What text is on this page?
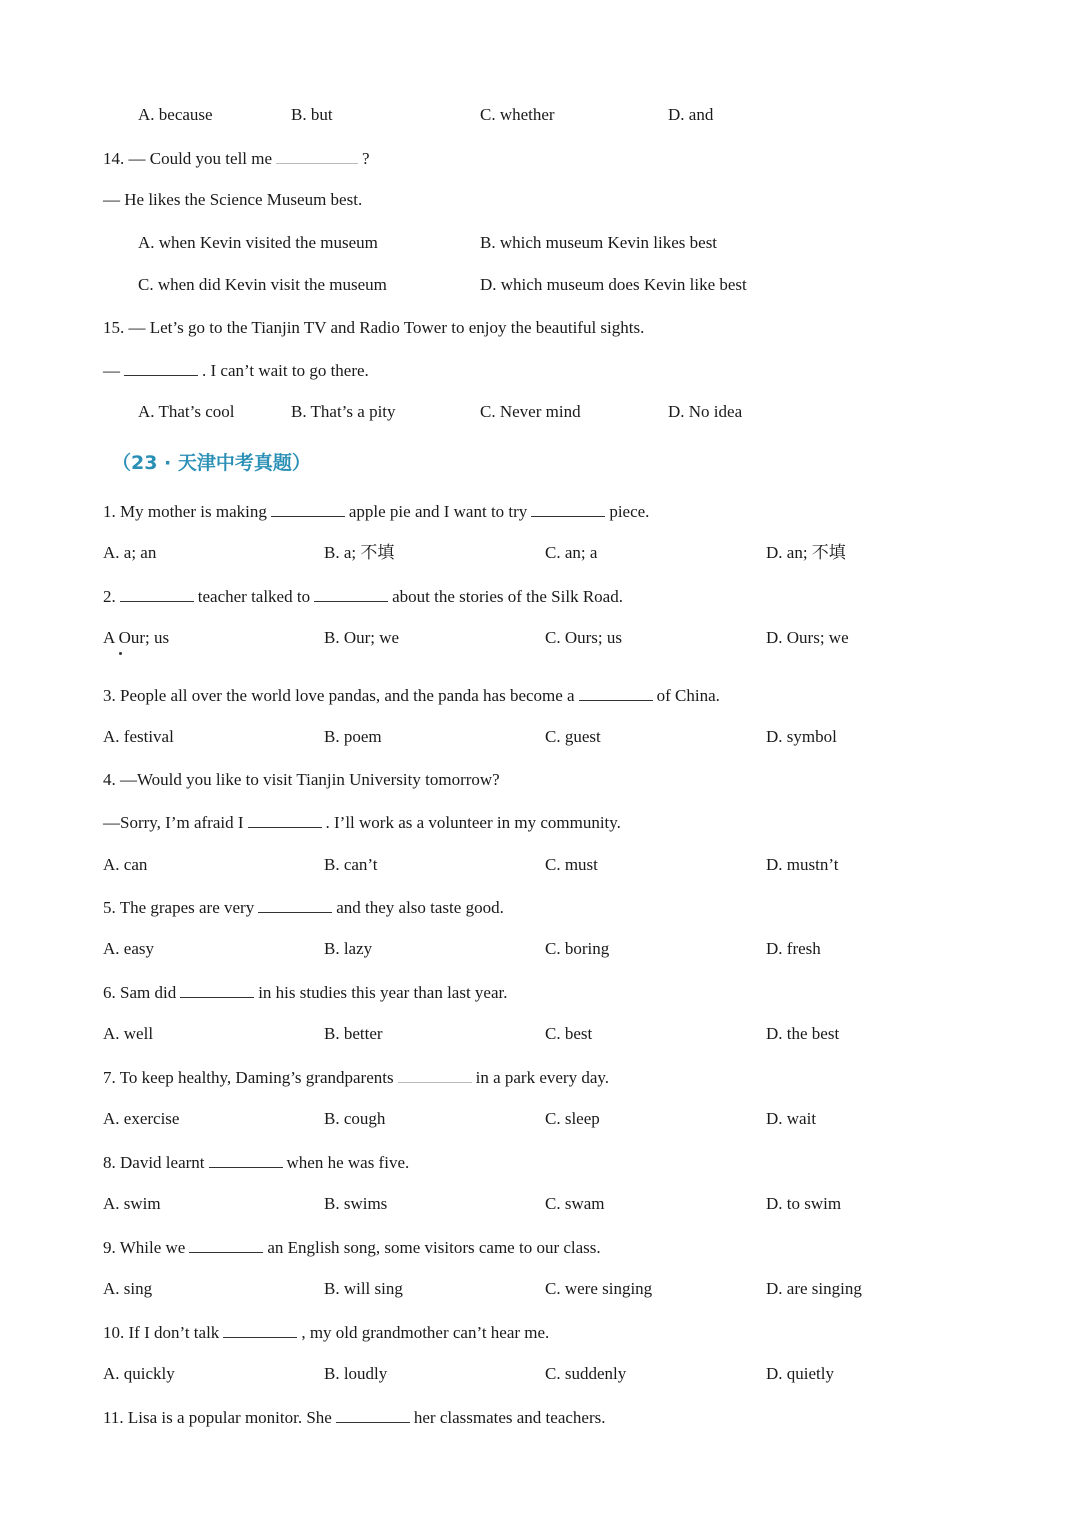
A. because	B. but	C. whether	D. and
14. — Could you tell me	?
— He likes the Science Museum best.
A. when Kevin visited the museum	B. which museum Kevin likes best
C. when did Kevin visit the museum	D. which museum does Kevin like best
15. — Let’s go to the Tianjin TV and Radio Tower to enjoy the beautiful sights.
—	. I can’t wait to go there.
A. That’s cool	B. That’s a pity	C. Never mind	D. No idea
（23 · 天津中考真题）
1. My mother is making	apple pie and I want to try	piece.
A. a; an	B. a; 不填	C. an; a	D. an; 不填
2.	teacher talked to	about the stories of the Silk Road.
A Our; us	B. Our; we	C. Ours; us	D. Ours; we
3. People all over the world love pandas, and the panda has become a	of China.
A. festival	B. poem	C. guest	D. symbol
4. —Would you like to visit Tianjin University tomorrow?
—Sorry, I’m afraid I	. I’ll work as a volunteer in my community.
A. can	B. can’t	C. must	D. mustn’t
5. The grapes are very	and they also taste good.
A. easy	B. lazy	C. boring	D. fresh
6. Sam did	in his studies this year than last year.
A. well	B. better	C. best	D. the best
7. To keep healthy, Daming’s grandparents	in a park every day.
A. exercise	B. cough	C. sleep	D. wait
8. David learnt	when he was five.
A. swim	B. swims	C. swam	D. to swim
9. While we	an English song, some visitors came to our class.
A. sing	B. will sing	C. were singing	D. are singing
10. If I don’t talk	, my old grandmother can’t hear me.
A. quickly	B. loudly	C. suddenly	D. quietly
11. Lisa is a popular monitor. She	her classmates and teachers.
